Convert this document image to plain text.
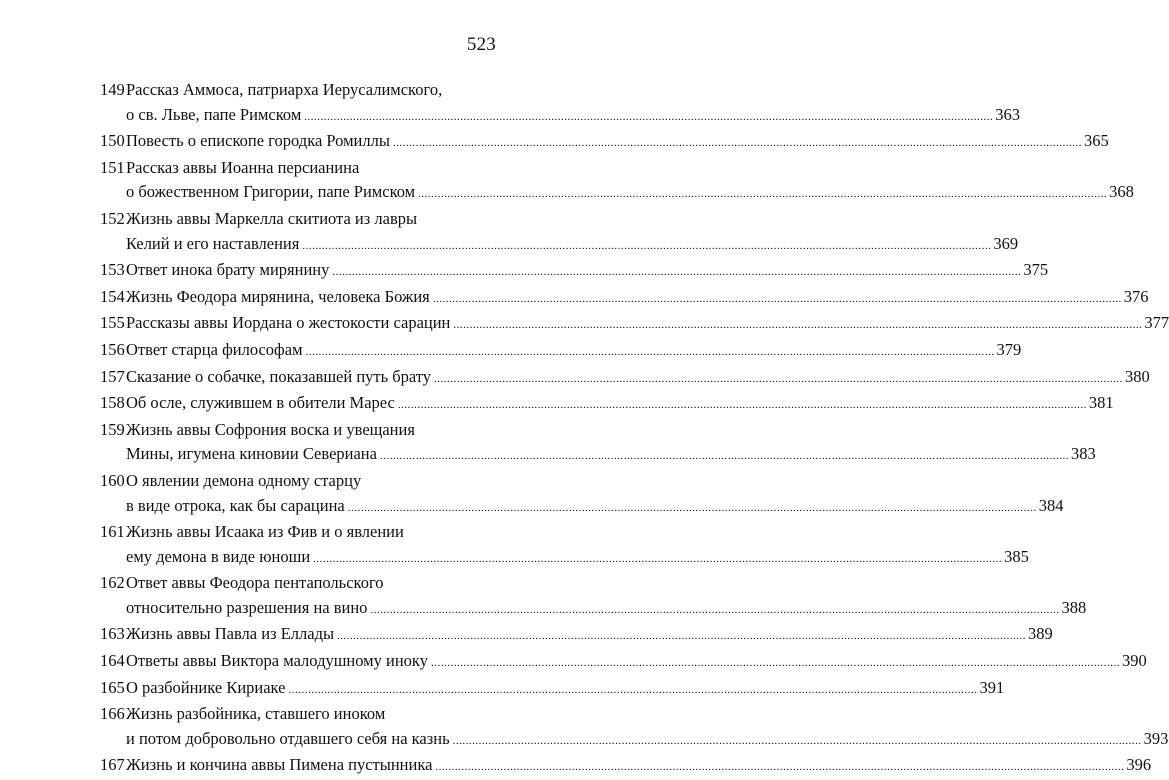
523
149 Рассказ Аммоса, патриарха Иерусалимского,
о св. Льве, папе Римском .....	363
150 Повесть о епископе городка Ромиллы .....	365
151 Рассказ аввы Иоанна персианина
о божественном Григории, папе Римском .....	368
152 Жизнь аввы Маркелла скитиота из лавры
Келий и его наставления .....	369
153 Ответ инока брату мирянину .....	375
154 Жизнь Феодора мирянина, человека Божия .....	376
155 Рассказы аввы Иордана о жестокости сарацин .....	377
156 Ответ старца философам .....	379
157 Сказание о собачке, показавшей путь брату .....	380
158 Об осле, служившем в обители Марес .....	381
159 Жизнь аввы Софрония воска и увещания
Мины, игумена киновии Севериана .....	383
160 О явлении демона одному старцу
в виде отрока, как бы сарацина .....	384
161 Жизнь аввы Исаака из Фив и о явлении
ему демона в виде юноши .....	385
162 Ответ аввы Феодора пентапольского
относительно разрешения на вино .....	388
163 Жизнь аввы Павла из Еллады .....	389
164 Ответы аввы Виктора малодушному иноку .....	390
165 О разбойнике Кириаке .....	391
166 Жизнь разбойника, ставшего иноком
и потом добровольно отдавшего себя на казнь .....	393
167 Жизнь и кончина аввы Пимена пустынника .....	396
